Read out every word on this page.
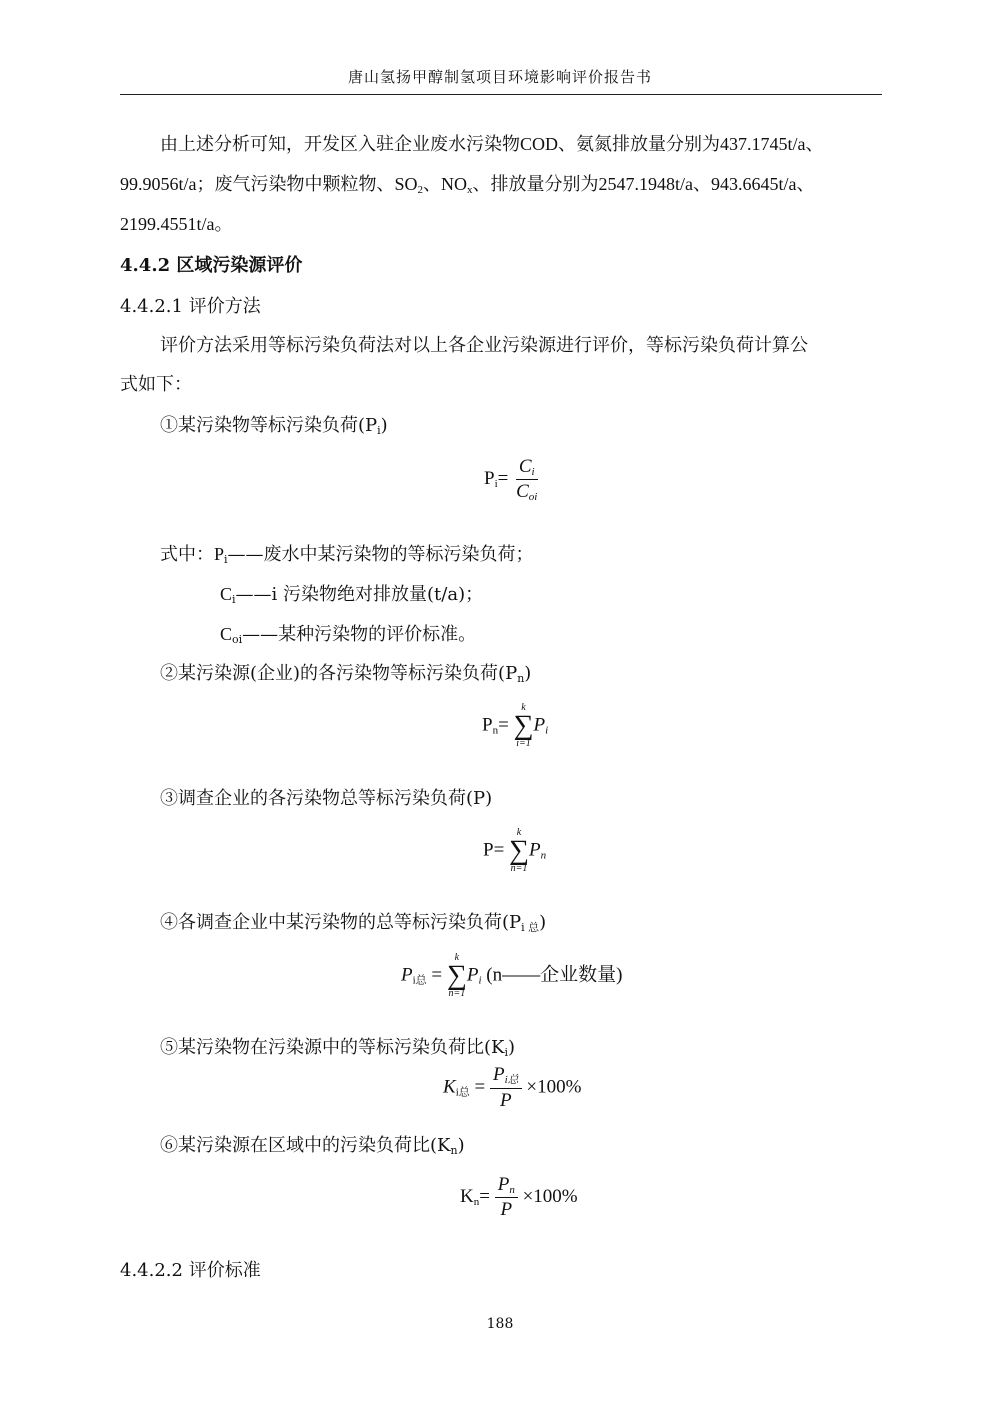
唐山氢扬甲醇制氢项目环境影响评价报告书
由上述分析可知，开发区入驻企业废水污染物COD、氨氮排放量分别为437.1745t/a、
99.9056t/a；废气污染物中颗粒物、$SO_2$、$NO_x$、排放量分别为2547.1948t/a、943.6645t/a、
2199.4551t/a。
4.4.2 区域污染源评价
4.4.2.1 评价方法
评价方法采用等标污染负荷法对以上各企业污染源进行评价，等标污染负荷计算公
式如下：
①某污染物等标污染负荷$(P_i)$
$P_i= \frac{C_i}{C_{oi}}$
式中：$P_i——$废水中某污染物的等标污染负荷；
$C_i——i$ 污染物绝对排放量(t/a)；
$C_{oi}——$某种污染物的评价标准。
②某污染源(企业)的各污染物等标污染负荷$(P_n)$
$P_n=$
k
∑
i=1
$P_i$
③调查企业的各污染物总等标污染负荷(P)
P=
k
∑
n=1
$P_n$
④各调查企业中某污染物的总等标污染负荷$(P_{i 总})$
$P_{i总}$ =
k
∑
n=1
$P_i$ (n——企业数量)
⑤某污染物在污染源中的等标污染负荷比$(K_i)$
$K_{i总} = \frac{P_{i总}}{P} \times 100\%$
⑥某污染源在区域中的污染负荷比$(K_n)$
$K_n= \frac{P_n}{P} \times 100\%$
4.4.2.2 评价标准
188
